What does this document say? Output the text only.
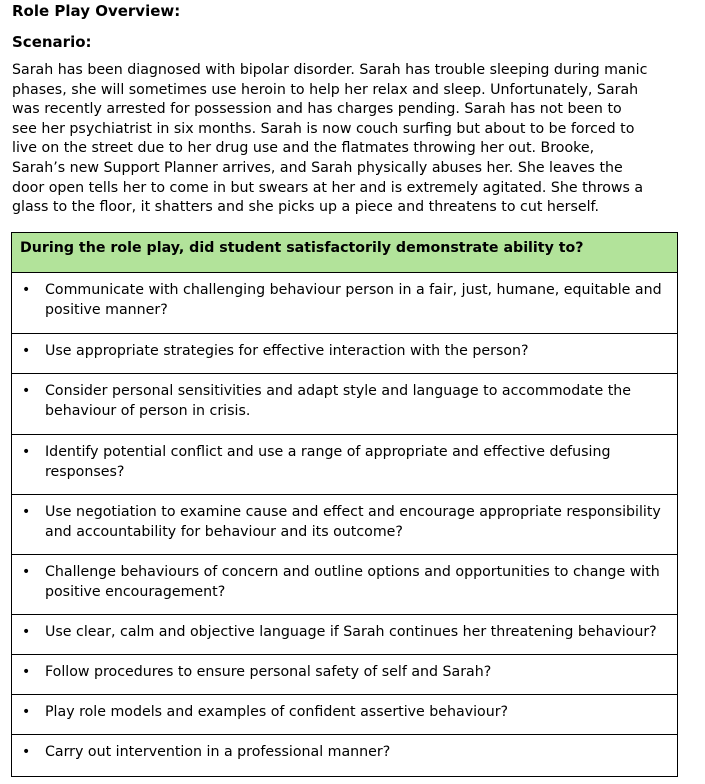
Role Play Overview:
Scenario:
Sarah has been diagnosed with bipolar disorder. Sarah has trouble sleeping during manic
phases, she will sometimes use heroin to help her relax and sleep. Unfortunately, Sarah
was recently arrested for possession and has charges pending. Sarah has not been to
see her psychiatrist in six months. Sarah is now couch surfing but about to be forced to
live on the street due to her drug use and the flatmates throwing her out. Brooke,
Sarah’s new Support Planner arrives, and Sarah physically abuses her. She leaves the
door open tells her to come in but swears at her and is extremely agitated. She throws a
glass to the floor, it shatters and she picks up a piece and threatens to cut herself.
During the role play, did student satisfactorily demonstrate ability to?

• Communicate with challenging behaviour person in a fair, just, humane, equitable and
positive manner?

• Use appropriate strategies for effective interaction with the person?

• Consider personal sensitivities and adapt style and language to accommodate the
behaviour of person in crisis.

• Identify potential conflict and use a range of appropriate and effective defusing
responses?

• Use negotiation to examine cause and effect and encourage appropriate responsibility
and accountability for behaviour and its outcome?

• Challenge behaviours of concern and outline options and opportunities to change with
positive encouragement?

• Use clear, calm and objective language if Sarah continues her threatening behaviour?

• Follow procedures to ensure personal safety of self and Sarah?

• Play role models and examples of confident assertive behaviour?

• Carry out intervention in a professional manner?
